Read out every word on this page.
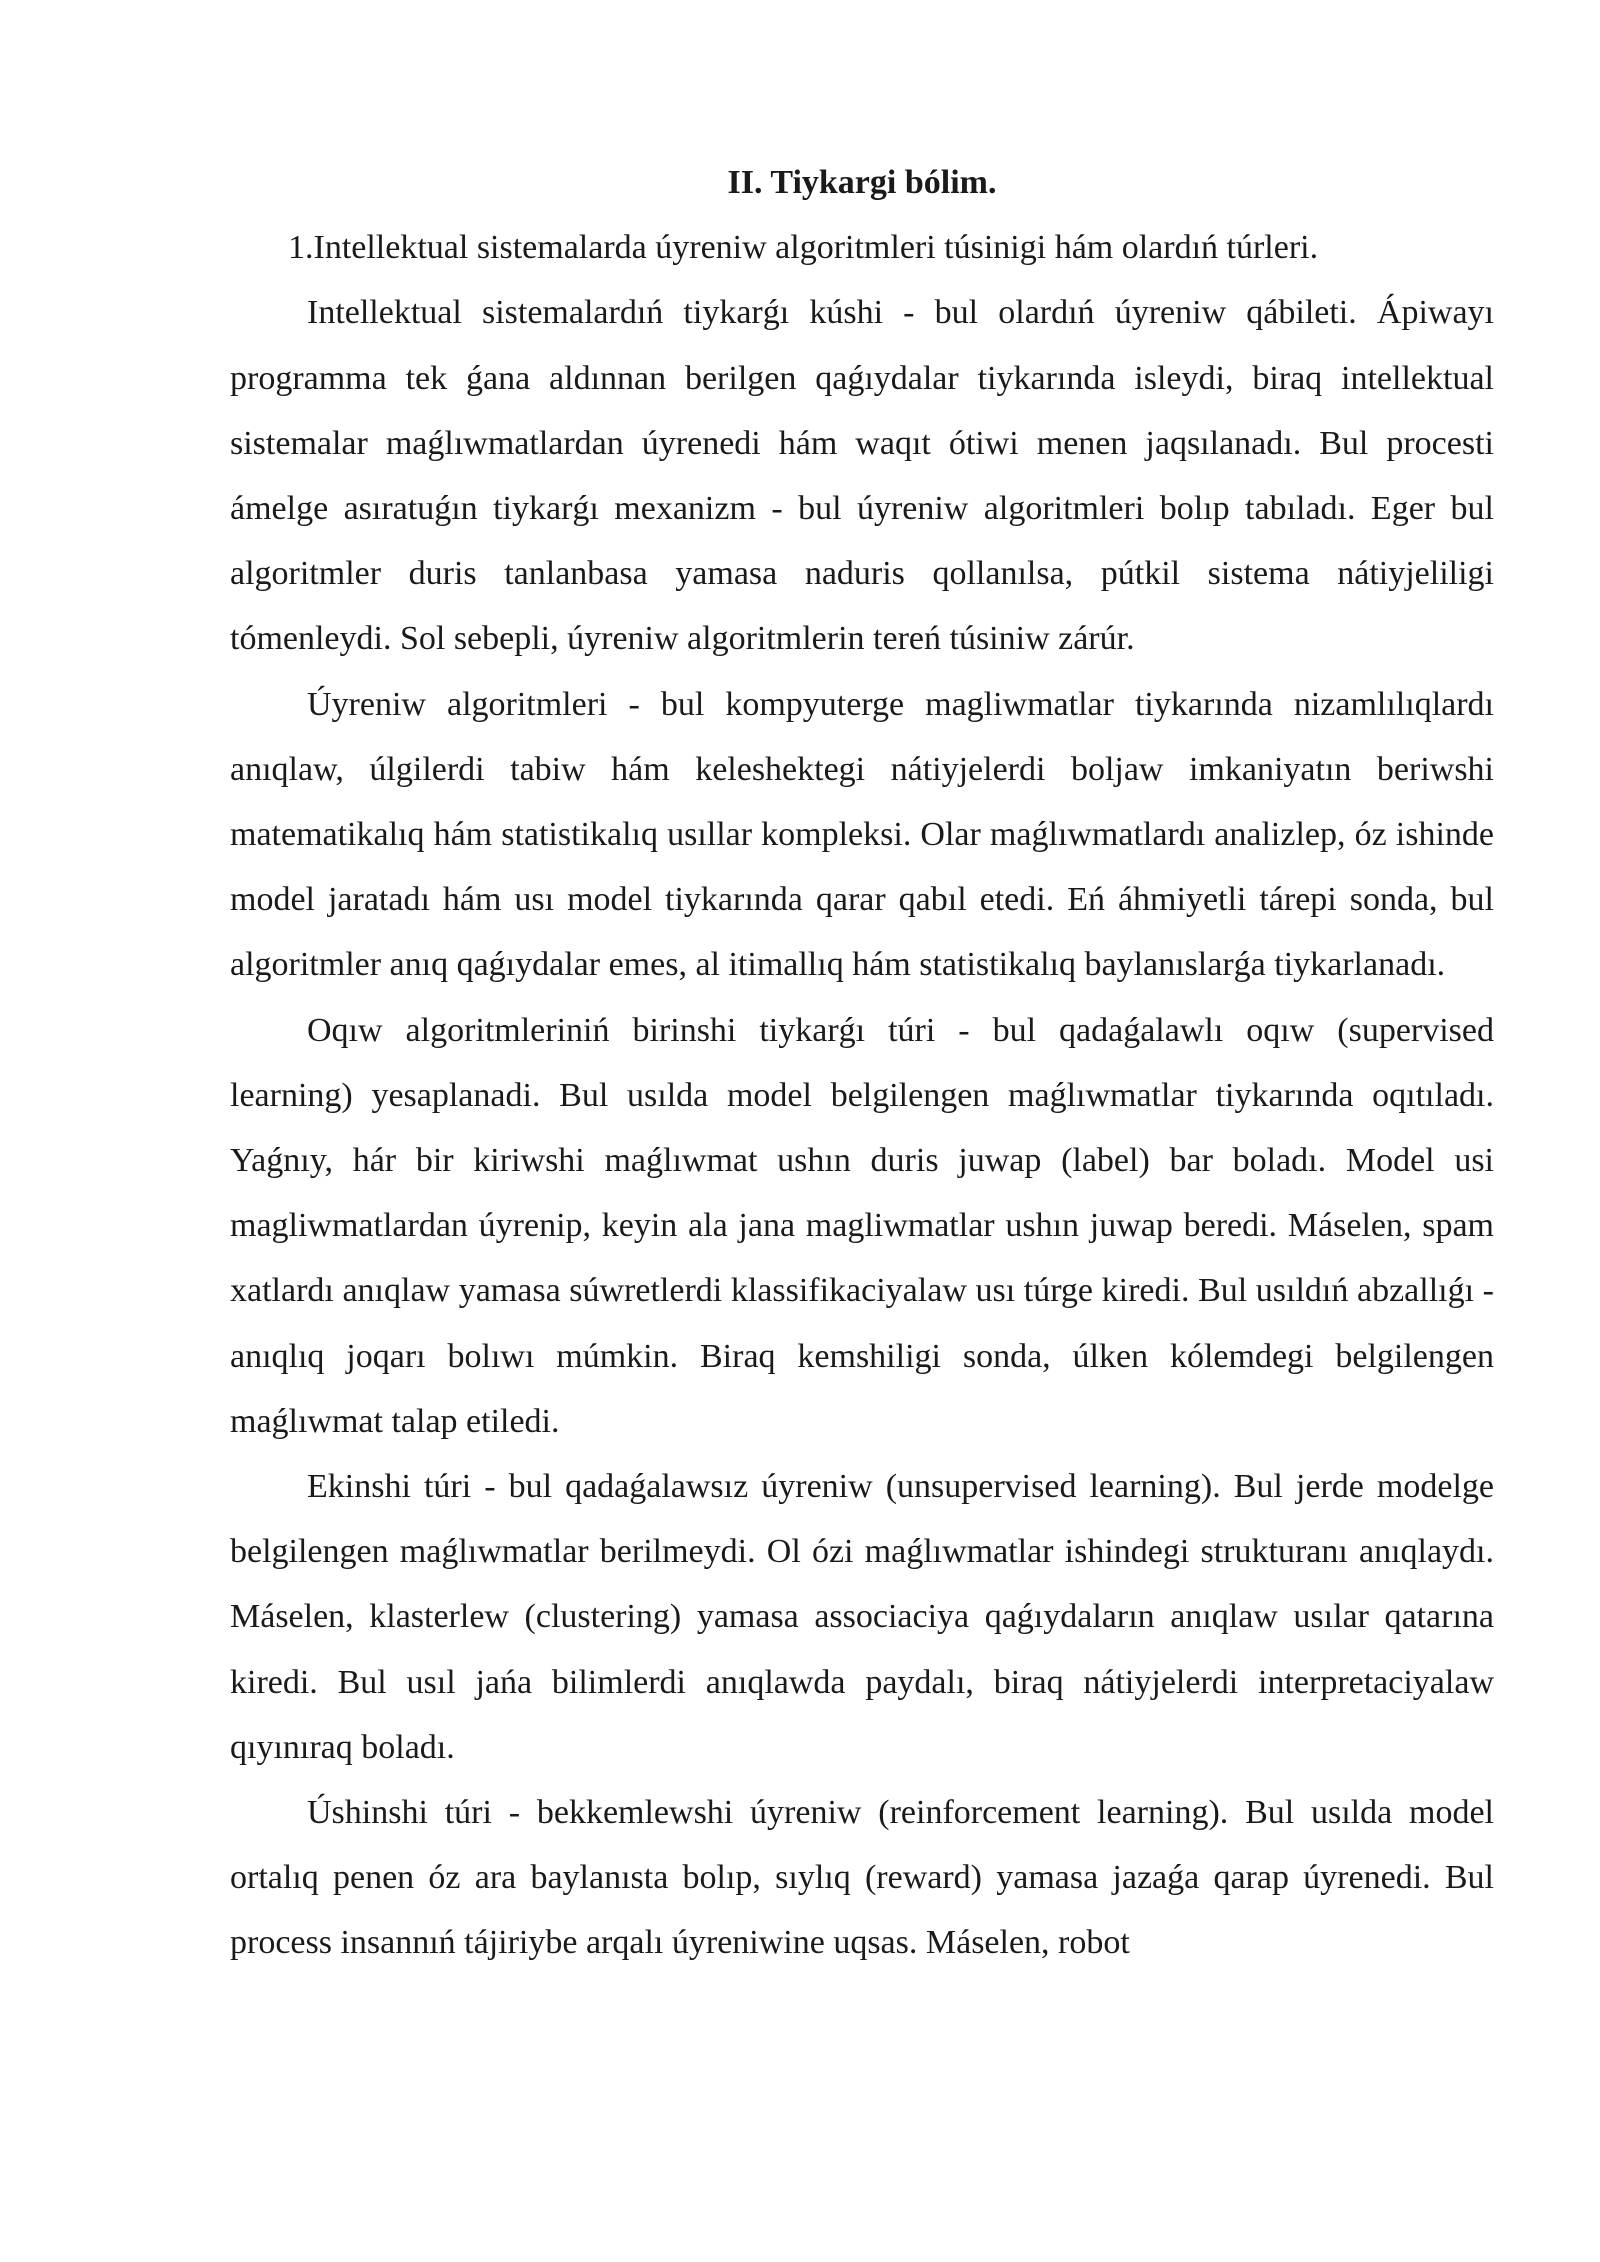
II. Tiykargi bólim.

1.Intellektual sistemalarda úyreniw algoritmleri túsinigi hám olardıń túrleri.

Intellektual sistemalardıń tiykarǵı kúshi - bul olardıń úyreniw qábileti. Ápiwayı programma tek ǵana aldınnan berilgen qaǵıydalar tiykarında isleydi, biraq intellektual sistemalar maǵlıwmatlardan úyrenedi hám waqıt ótiwi menen jaqsılanadı. Bul procesti ámelge asıratuǵın tiykarǵı mexanizm - bul úyreniw algoritmleri bolıp tabıladı. Eger bul algoritmler duris tanlanbasa yamasa naduris qollanılsa, pútkil sistema nátiyjeliligi tómenleydi. Sol sebepli, úyreniw algoritmlerin tereń túsiniw zárúr.

Úyreniw algoritmleri - bul kompyuterge magliwmatlar tiykarında nizamlılıqlardı anıqlaw, úlgilerdi tabiw hám keleshektegi nátiyjelerdi boljaw imkaniyatın beriwshi matematikalıq hám statistikalıq usıllar kompleksi. Olar maǵlıwmatlardı analizlep, óz ishinde model jaratadı hám usı model tiykarında qarar qabıl etedi. Eń áhmiyetli tárepi sonda, bul algoritmler anıq qaǵıydalar emes, al itimallıq hám statistikalıq baylanıslarǵa tiykarlanadı.

Oqıw algoritmleriniń birinshi tiykarǵı túri - bul qadaǵalawlı oqıw (supervised learning) yesaplanadi. Bul usılda model belgilengen maǵlıwmatlar tiykarında oqıtıladı. Yaǵnıy, hár bir kiriwshi maǵlıwmat ushın duris juwap (label) bar boladı. Model usi magliwmatlardan úyrenip, keyin ala jana magliwmatlar ushın juwap beredi. Máselen, spam xatlardı anıqlaw yamasa súwretlerdi klassifikaciyalaw usı túrge kiredi. Bul usıldıń abzallıǵı - anıqlıq joqarı bolıwı múmkin. Biraq kemshiligi sonda, úlken kólemdegi belgilengen maǵlıwmat talap etiledi.

Ekinshi túri - bul qadaǵalawsız úyreniw (unsupervised learning). Bul jerde modelge belgilengen maǵlıwmatlar berilmeydi. Ol ózi maǵlıwmatlar ishindegi strukturanı anıqlaydı. Máselen, klasterlew (clustering) yamasa associaciya qaǵıydaların anıqlaw usılar qatarına kiredi. Bul usıl jańa bilimlerdi anıqlawda paydalı, biraq nátiyjelerdi interpretaciyalaw qıyınıraq boladı.

Úshinshi túri - bekkemlewshi úyreniw (reinforcement learning). Bul usılda model ortalıq penen óz ara baylanısta bolıp, sıylıq (reward) yamasa jazaǵa qarap úyrenedi. Bul process insannıń tájiriybe arqalı úyreniwine uqsas. Máselen, robot
